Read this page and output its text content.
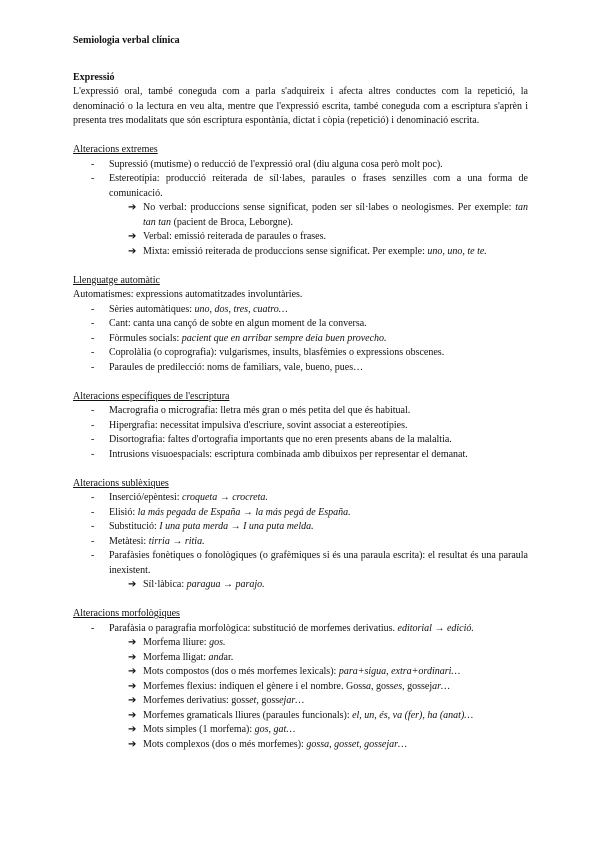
Semiologia verbal clínica
Expressió

L'expressió oral, també coneguda com a parla s'adquireix i afecta altres conductes com la repetició, la denominació o la lectura en veu alta, mentre que l'expressió escrita, també coneguda com a escriptura s'aprèn i presenta tres modalitats que són escriptura espontània, dictat i còpia (repetició) i denominació escrita.

Alteracions extremes
- Supressió (mutisme) o reducció de l'expressió oral (diu alguna cosa però molt poc).
- Estereotípia: producció reiterada de síl·labes, paraules o frases senzilles com a una forma de comunicació.
➔ No verbal: produccions sense significat, poden ser síl·labes o neologismes. Per exemple: tan tan tan (pacient de Broca, Leborgne).
➔ Verbal: emissió reiterada de paraules o frases.
➔ Mixta: emissió reiterada de produccions sense significat. Per exemple: uno, uno, te te.
Llenguatge automàtic
Automatismes: expressions automatitzades involuntàries.
- Sèries automàtiques: uno, dos, tres, cuatro…
- Cant: canta una cançó de sobte en algun moment de la conversa.
- Fòrmules socials: pacient que en arribar sempre deia buen provecho.
- Coprolàlia (o coprografia): vulgarismes, insults, blasfèmies o expressions obscenes.
- Paraules de predilecció: noms de familiars, vale, bueno, pues…
Alteracions específiques de l'escriptura
- Macrografia o micrografia: lletra més gran o més petita del que és habitual.
- Hipergrafia: necessitat impulsiva d'escriure, sovint associat a estereotípies.
- Disortografia: faltes d'ortografia importants que no eren presents abans de la malaltia.
- Intrusions visuoespacials: escriptura combinada amb dibuixos per representar el demanat.
Alteracions sublèxiques
- Inserció/epèntesi: croqueta → crocreta.
- Elisió: la más pegada de España → la más pegá de España.
- Substitució: I una puta merda → I una puta melda.
- Metàtesi: tirria → ritia.
- Parafàsies fonètiques o fonològiques (o grafèmiques si és una paraula escrita): el resultat és una paraula inexistent.
➔ Síl·làbica: paragua → parajo.
Alteracions morfològiques
- Parafàsia o paragrafia morfològica: substitució de morfemes derivatius. editorial → edició.
➔ Morfema lliure: gos.
➔ Morfema lligat: andar.
➔ Mots compostos (dos o més morfemes lexicals): para+sigua, extra+ordinari…
➔ Morfemes flexius: indiquen el gènere i el nombre. Gossa, gosses, gossejar…
➔ Morfemes derivatius: gosset, gossejar…
➔ Morfemes gramaticals lliures (paraules funcionals): el, un, és, va (fer), ha (anat)…
➔ Mots simples (1 morfema): gos, gat…
➔ Mots complexos (dos o més morfemes): gossa, gosset, gossejar…
